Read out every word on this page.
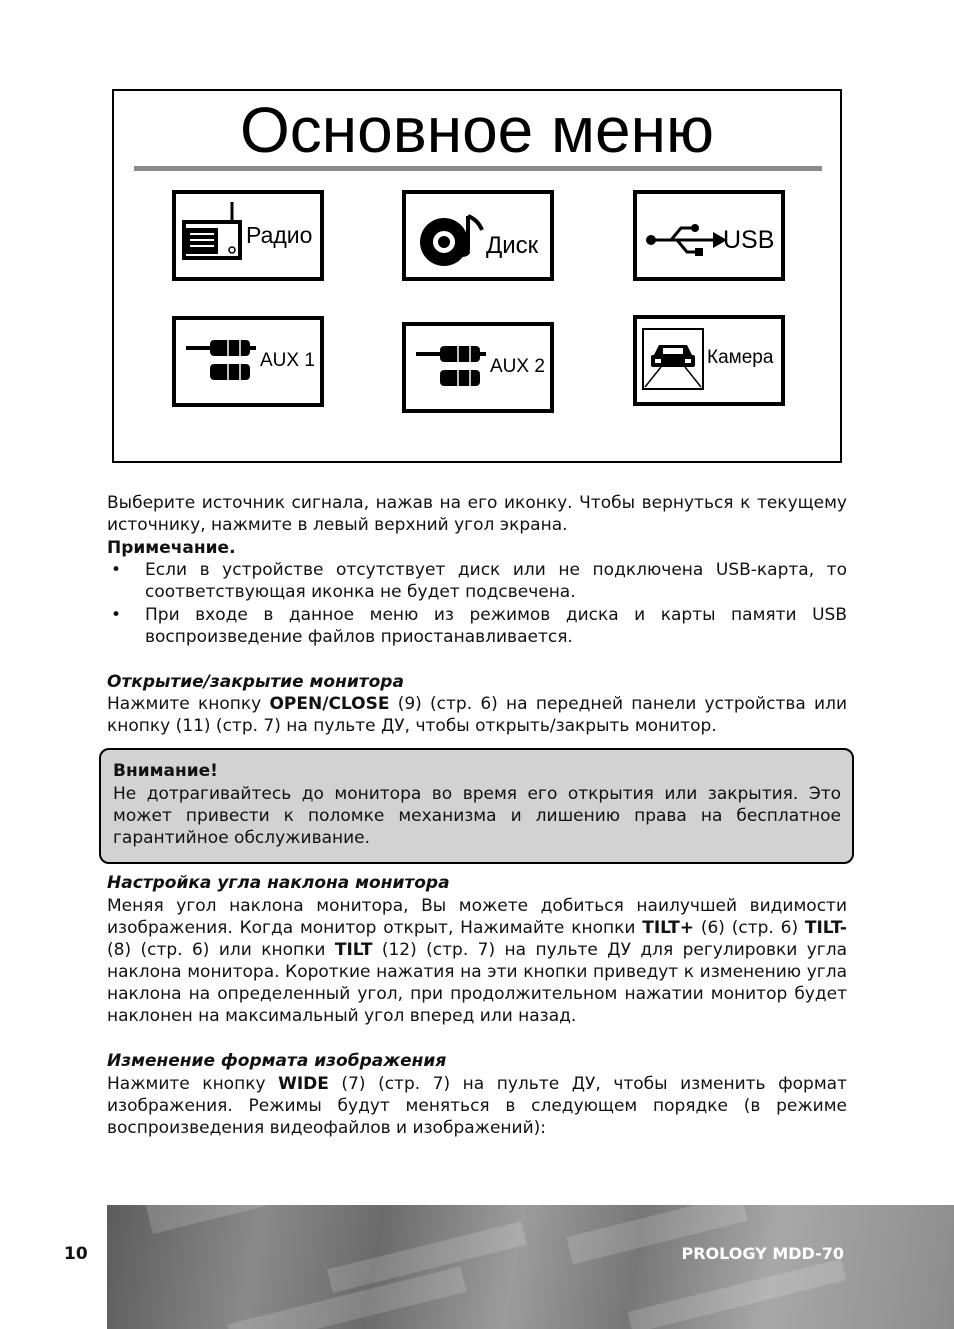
Основное меню
Радио	Диск	USB
AUX 1	AUX 2	Камера

Выберите источник сигнала, нажав на его иконку. Чтобы вернуться к текущему источнику, нажмите в левый верхний угол экрана.

Примечание.
• Если в устройстве отсутствует диск или не подключена USB-карта, то соответствующая иконка не будет подсвечена.
• При входе в данное меню из режимов диска и карты памяти USB воспроизведение файлов приостанавливается.
Открытие/закрытие монитора

Нажмите кнопку OPEN/CLOSE (9) (стр. 6) на передней панели устройства или кнопку (11) (стр. 7) на пульте ДУ, чтобы открыть/закрыть монитор.

Внимание!
Не дотрагивайтесь до монитора во время его открытия или закрытия. Это может привести к поломке механизма и лишению права на бесплатное гарантийное обслуживание.
Настройка угла наклона монитора

Меняя угол наклона монитора, Вы можете добиться наилучшей видимости изображения. Когда монитор открыт, Нажимайте кнопки TILT+ (6) (стр. 6) TILT- (8) (стр. 6) или кнопки TILT (12) (стр. 7) на пульте ДУ для регулировки угла наклона монитора. Короткие нажатия на эти кнопки приведут к изменению угла наклона на определенный угол, при продолжительном нажатии монитор будет наклонен на максимальный угол вперед или назад.

Изменение формата изображения

Нажмите кнопку WIDE (7) (стр. 7) на пульте ДУ, чтобы изменить формат изображения. Режимы будут меняться в следующем порядке (в режиме воспроизведения видеофайлов и изображений):

10	PROLOGY MDD-70
